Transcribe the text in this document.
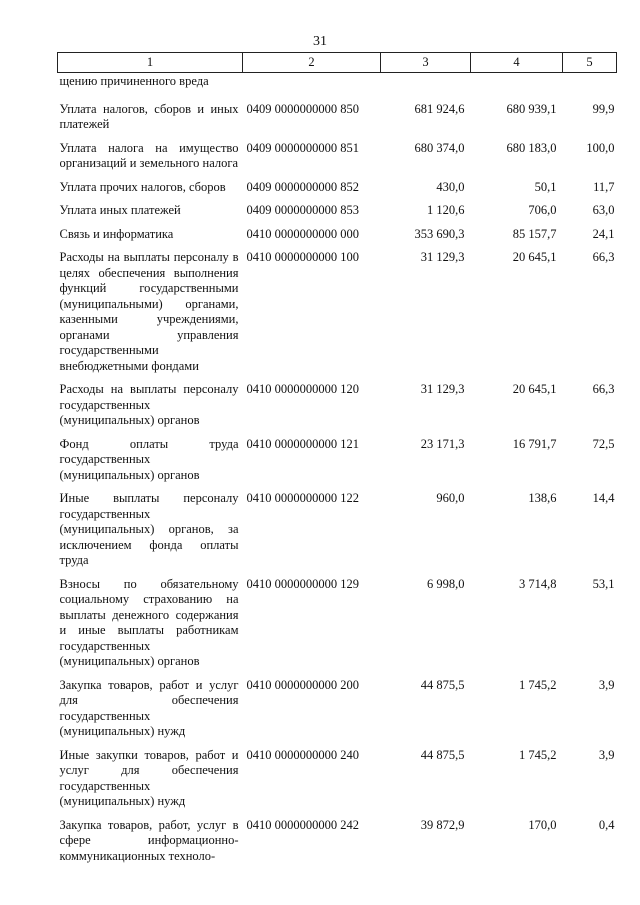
31
1	2	3	4	5
щению причиненного вреда				
Уплата налогов, сборов и иных платежей	0409 0000000000 850	681 924,6	680 939,1	99,9
Уплата налога на имущество организаций и земельного налога	0409 0000000000 851	680 374,0	680 183,0	100,0
Уплата прочих налогов, сборов	0409 0000000000 852	430,0	50,1	11,7
Уплата иных платежей	0409 0000000000 853	1 120,6	706,0	63,0
Связь и информатика	0410 0000000000 000	353 690,3	85 157,7	24,1
Расходы на выплаты персоналу в целях обеспечения выполнения функций государственными (муниципальными) органами, казенными учреждениями, органами управления государственными внебюджетными фондами	0410 0000000000 100	31 129,3	20 645,1	66,3
Расходы на выплаты персоналу государственных (муниципальных) органов	0410 0000000000 120	31 129,3	20 645,1	66,3
Фонд оплаты труда государственных (муниципальных) органов	0410 0000000000 121	23 171,3	16 791,7	72,5
Иные выплаты персоналу государственных (муниципальных) органов, за исключением фонда оплаты труда	0410 0000000000 122	960,0	138,6	14,4
Взносы по обязательному социальному страхованию на выплаты денежного содержания и иные выплаты работникам государственных (муниципальных) органов	0410 0000000000 129	6 998,0	3 714,8	53,1
Закупка товаров, работ и услуг для обеспечения государственных (муниципальных) нужд	0410 0000000000 200	44 875,5	1 745,2	3,9
Иные закупки товаров, работ и услуг для обеспечения государственных (муниципальных) нужд	0410 0000000000 240	44 875,5	1 745,2	3,9
Закупка товаров, работ, услуг в сфере информационно-коммуникационных техноло-	0410 0000000000 242	39 872,9	170,0	0,4
